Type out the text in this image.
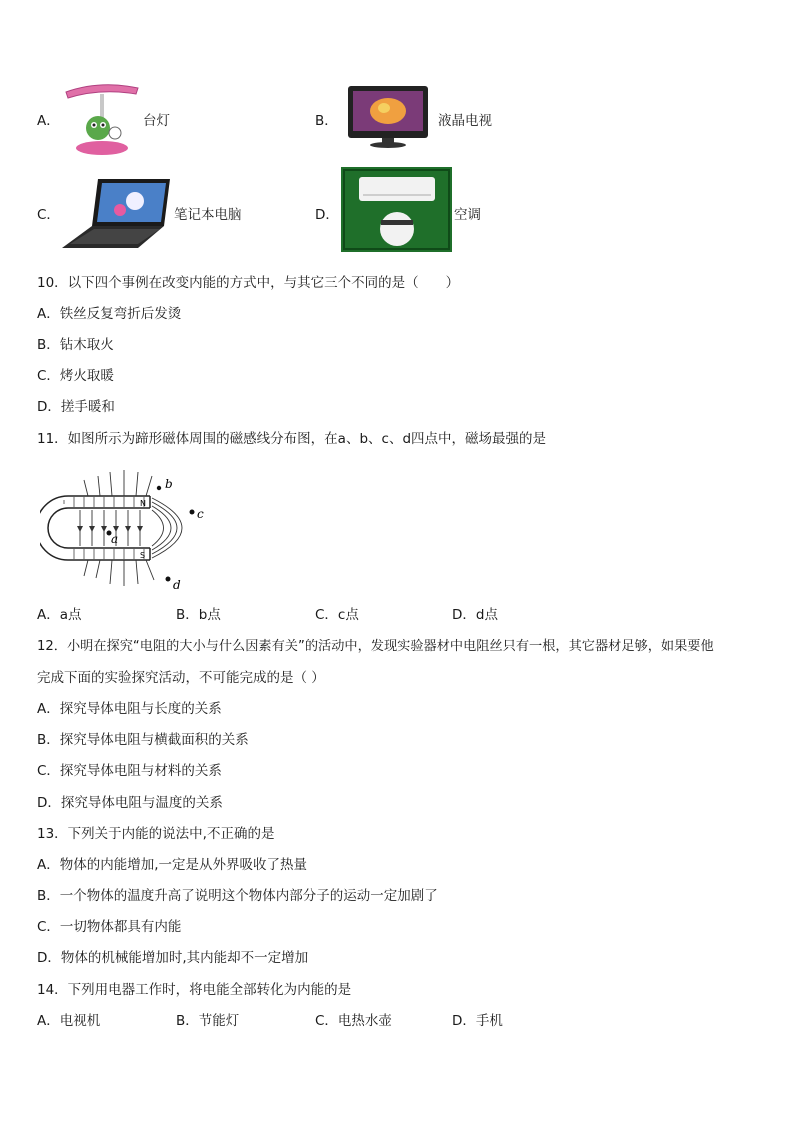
A．	台灯	B．	液晶电视
C．	笔记本电脑	D．	空调
10．以下四个事例在改变内能的方式中，与其它三个不同的是（　　）
A．铁丝反复弯折后发烫
B．钻木取火
C．烤火取暖
D．搓手暖和
11．如图所示为蹄形磁体周围的磁感线分布图，在a、b、c、d四点中，磁场最强的是
b
c
a
d
N
S
A．a点	B．b点	C．c点	D．d点
12．小明在探究“电阻的大小与什么因素有关”的活动中，发现实验器材中电阻丝只有一根，其它器材足够，如果要他
完成下面的实验探究活动，不可能完成的是（ ）
A．探究导体电阻与长度的关系
B．探究导体电阻与横截面积的关系
C．探究导体电阻与材料的关系
D．探究导体电阻与温度的关系
13．下列关于内能的说法中,不正确的是
A．物体的内能增加,一定是从外界吸收了热量
B．一个物体的温度升高了说明这个物体内部分子的运动一定加剧了
C．一切物体都具有内能
D．物体的机械能增加时,其内能却不一定增加
14．下列用电器工作时，将电能全部转化为内能的是
A．电视机	B．节能灯	C．电热水壶	D．手机
